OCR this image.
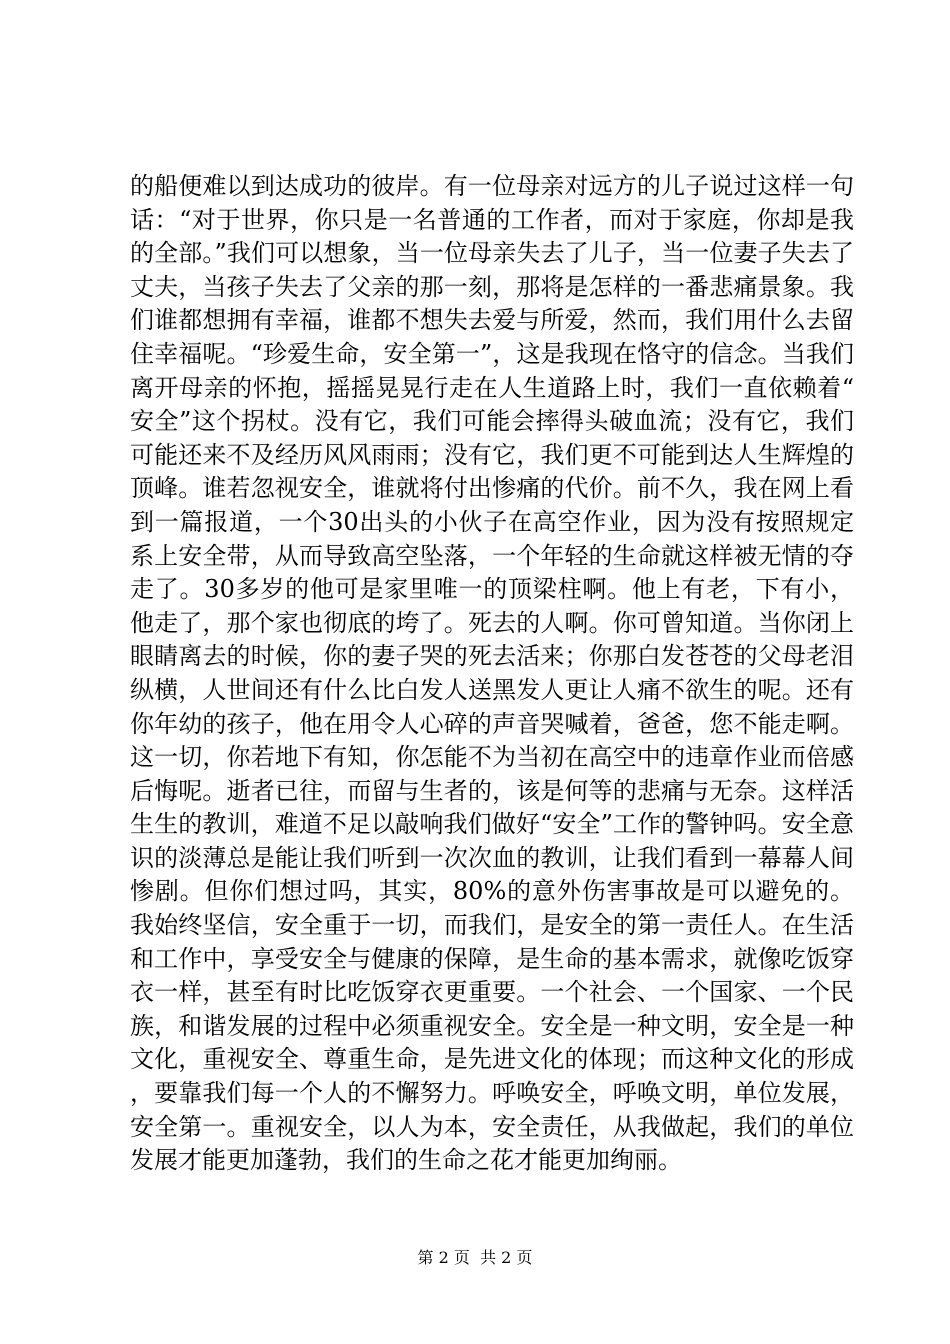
的船便难以到达成功的彼岸。有一位母亲对远方的儿子说过这样一句话：“对于世界，你只是一名普通的工作者，而对于家庭，你却是我的全部。”我们可以想象，当一位母亲失去了儿子，当一位妻子失去了丈夫，当孩子失去了父亲的那一刻，那将是怎样的一番悲痛景象。我们谁都想拥有幸福，谁都不想失去爱与所爱，然而，我们用什么去留住幸福呢。“珍爱生命，安全第一”，这是我现在恪守的信念。当我们离开母亲的怀抱，摇摇晃晃行走在人生道路上时，我们一直依赖着“安全”这个拐杖。没有它，我们可能会摔得头破血流；没有它，我们可能还来不及经历风风雨雨；没有它，我们更不可能到达人生辉煌的顶峰。谁若忽视安全，谁就将付出惨痛的代价。前不久，我在网上看到一篇报道，一个30出头的小伙子在高空作业，因为没有按照规定系上安全带，从而导致高空坠落，一个年轻的生命就这样被无情的夺走了。30多岁的他可是家里唯一的顶梁柱啊。他上有老，下有小，他走了，那个家也彻底的垮了。死去的人啊。你可曾知道。当你闭上眼睛离去的时候，你的妻子哭的死去活来；你那白发苍苍的父母老泪纵横，人世间还有什么比白发人送黑发人更让人痛不欲生的呢。还有你年幼的孩子，他在用令人心碎的声音哭喊着，爸爸，您不能走啊。这一切，你若地下有知，你怎能不为当初在高空中的违章作业而倍感后悔呢。逝者已往，而留与生者的，该是何等的悲痛与无奈。这样活生生的教训，难道不足以敲响我们做好“安全”工作的警钟吗。安全意识的淡薄总是能让我们听到一次次血的教训，让我们看到一幕幕人间惨剧。但你们想过吗，其实，80%的意外伤害事故是可以避免的。我始终坚信，安全重于一切，而我们，是安全的第一责任人。在生活和工作中，享受安全与健康的保障，是生命的基本需求，就像吃饭穿衣一样，甚至有时比吃饭穿衣更重要。一个社会、一个国家、一个民族，和谐发展的过程中必须重视安全。安全是一种文明，安全是一种文化，重视安全、尊重生命，是先进文化的体现；而这种文化的形成，要靠我们每一个人的不懈努力。呼唤安全，呼唤文明，单位发展，安全第一。重视安全，以人为本，安全责任，从我做起，我们的单位发展才能更加蓬勃，我们的生命之花才能更加绚丽。

第 2 页 共 2 页
